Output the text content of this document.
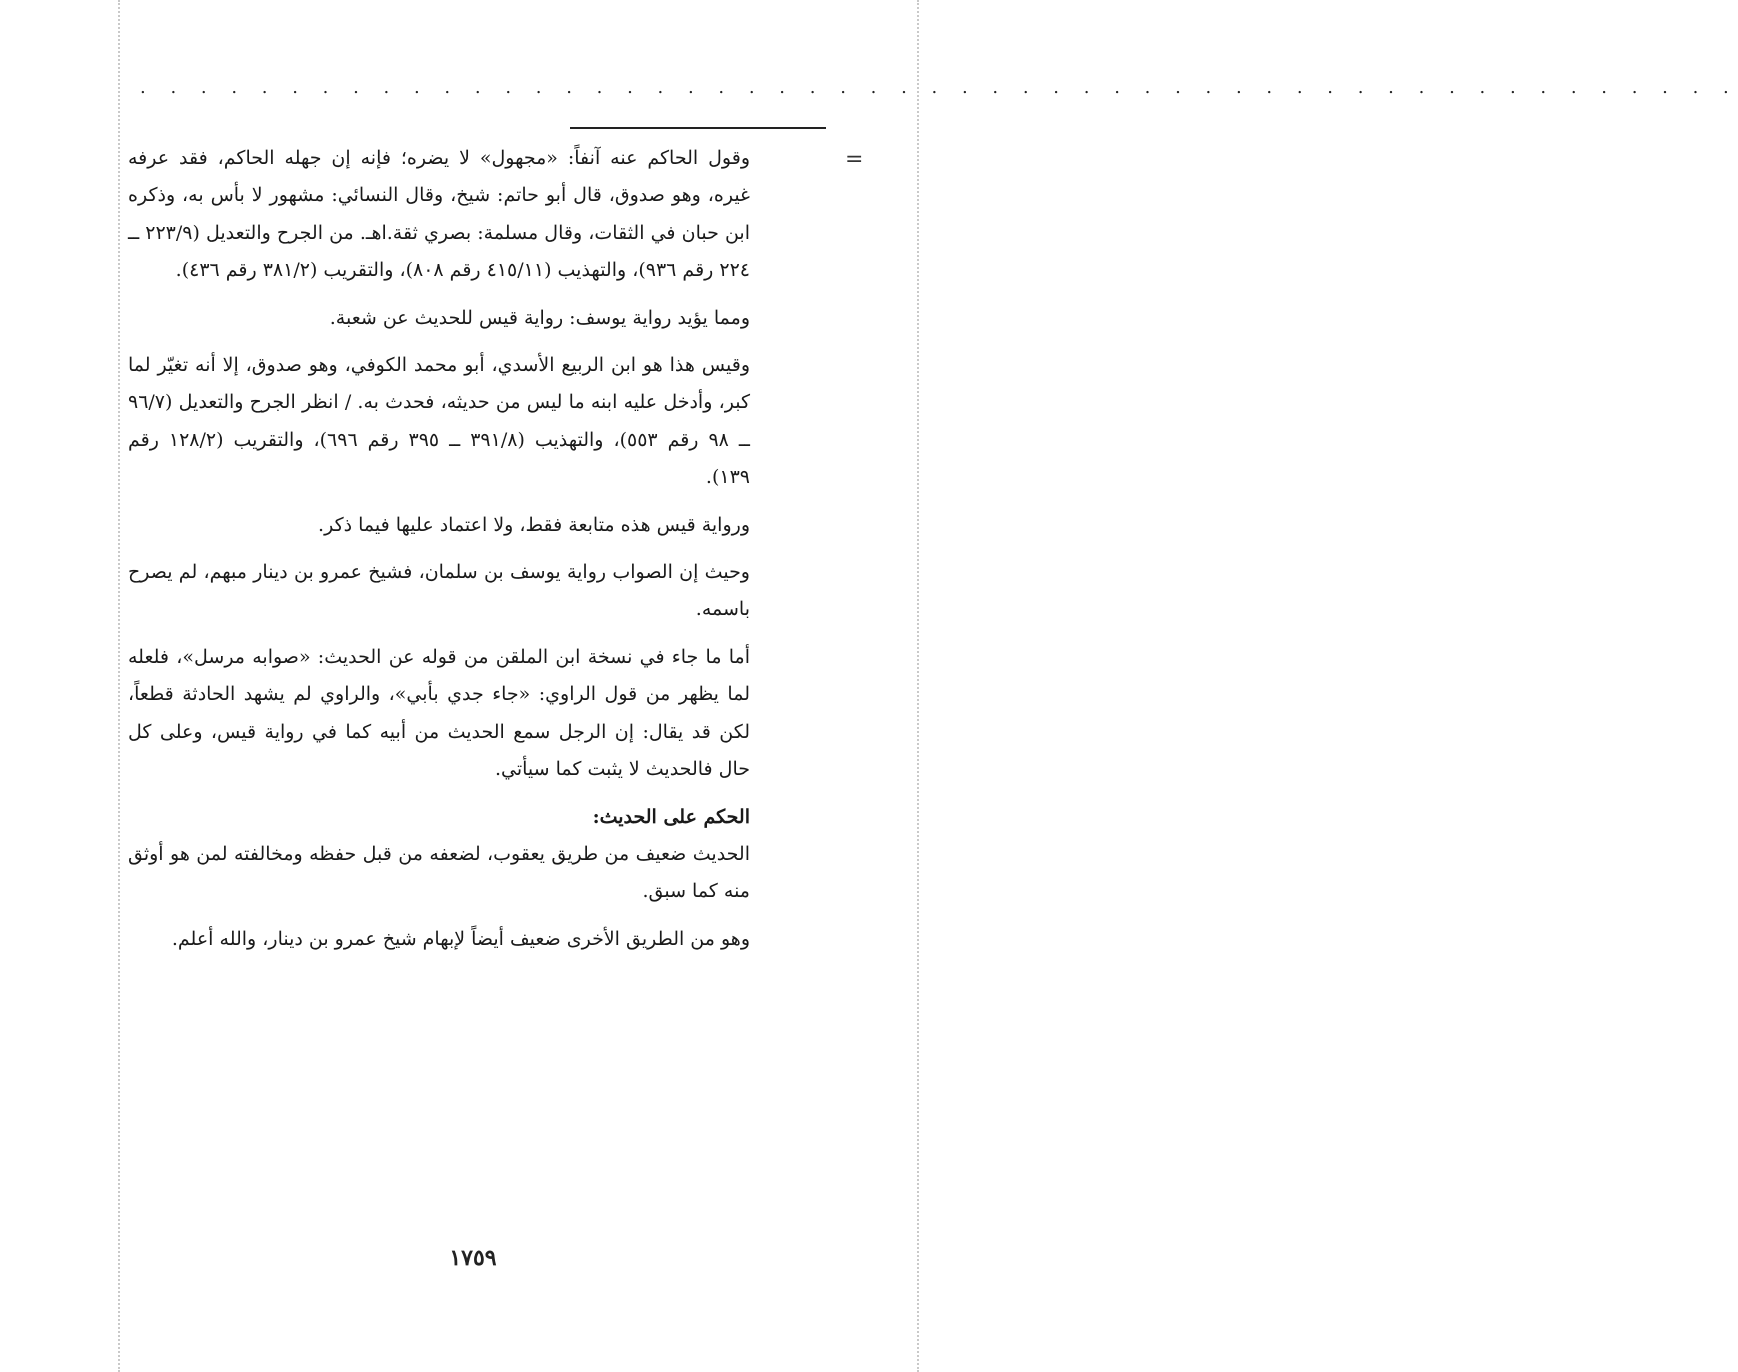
. . . . . . . . . . . . . . . . . . . . . . . . . . . . . . . . . . . . . . . . . . . . . . . . . . . . .
=

وقول الحاكم عنه آنفاً: «مجهول» لا يضره؛ فإنه إن جهله الحاكم، فقد عرفه غيره، وهو صدوق، قال أبو حاتم: شيخ، وقال النسائي: مشهور لا بأس به، وذكره ابن حبان في الثقات، وقال مسلمة: بصري ثقة.اهـ. من الجرح والتعديل (٢٢٣/٩ ــ ٢٢٤ رقم ٩٣٦)، والتهذيب (٤١٥/١١ رقم ٨٠٨)، والتقريب (٣٨١/٢ رقم ٤٣٦).

ومما يؤيد رواية يوسف: رواية قيس للحديث عن شعبة.

وقيس هذا هو ابن الربيع الأسدي، أبو محمد الكوفي، وهو صدوق، إلا أنه تغيّر لما كبر، وأدخل عليه ابنه ما ليس من حديثه، فحدث به. / انظر الجرح والتعديل (٩٦/٧ ــ ٩٨ رقم ٥٥٣)، والتهذيب (٣٩١/٨ ــ ٣٩٥ رقم ٦٩٦)، والتقريب (١٢٨/٢ رقم ١٣٩).

ورواية قيس هذه متابعة فقط، ولا اعتماد عليها فيما ذكر.

وحيث إن الصواب رواية يوسف بن سلمان، فشيخ عمرو بن دينار مبهم، لم يصرح باسمه.

أما ما جاء في نسخة ابن الملقن من قوله عن الحديث: «صوابه مرسل»، فلعله لما يظهر من قول الراوي: «جاء جدي بأبي»، والراوي لم يشهد الحادثة قطعاً، لكن قد يقال: إن الرجل سمع الحديث من أبيه كما في رواية قيس، وعلى كل حال فالحديث لا يثبت كما سيأتي.

الحكم على الحديث:

الحديث ضعيف من طريق يعقوب، لضعفه من قبل حفظه ومخالفته لمن هو أوثق منه كما سبق.

وهو من الطريق الأخرى ضعيف أيضاً لإبهام شيخ عمرو بن دينار، والله أعلم.

١٧٥٩
